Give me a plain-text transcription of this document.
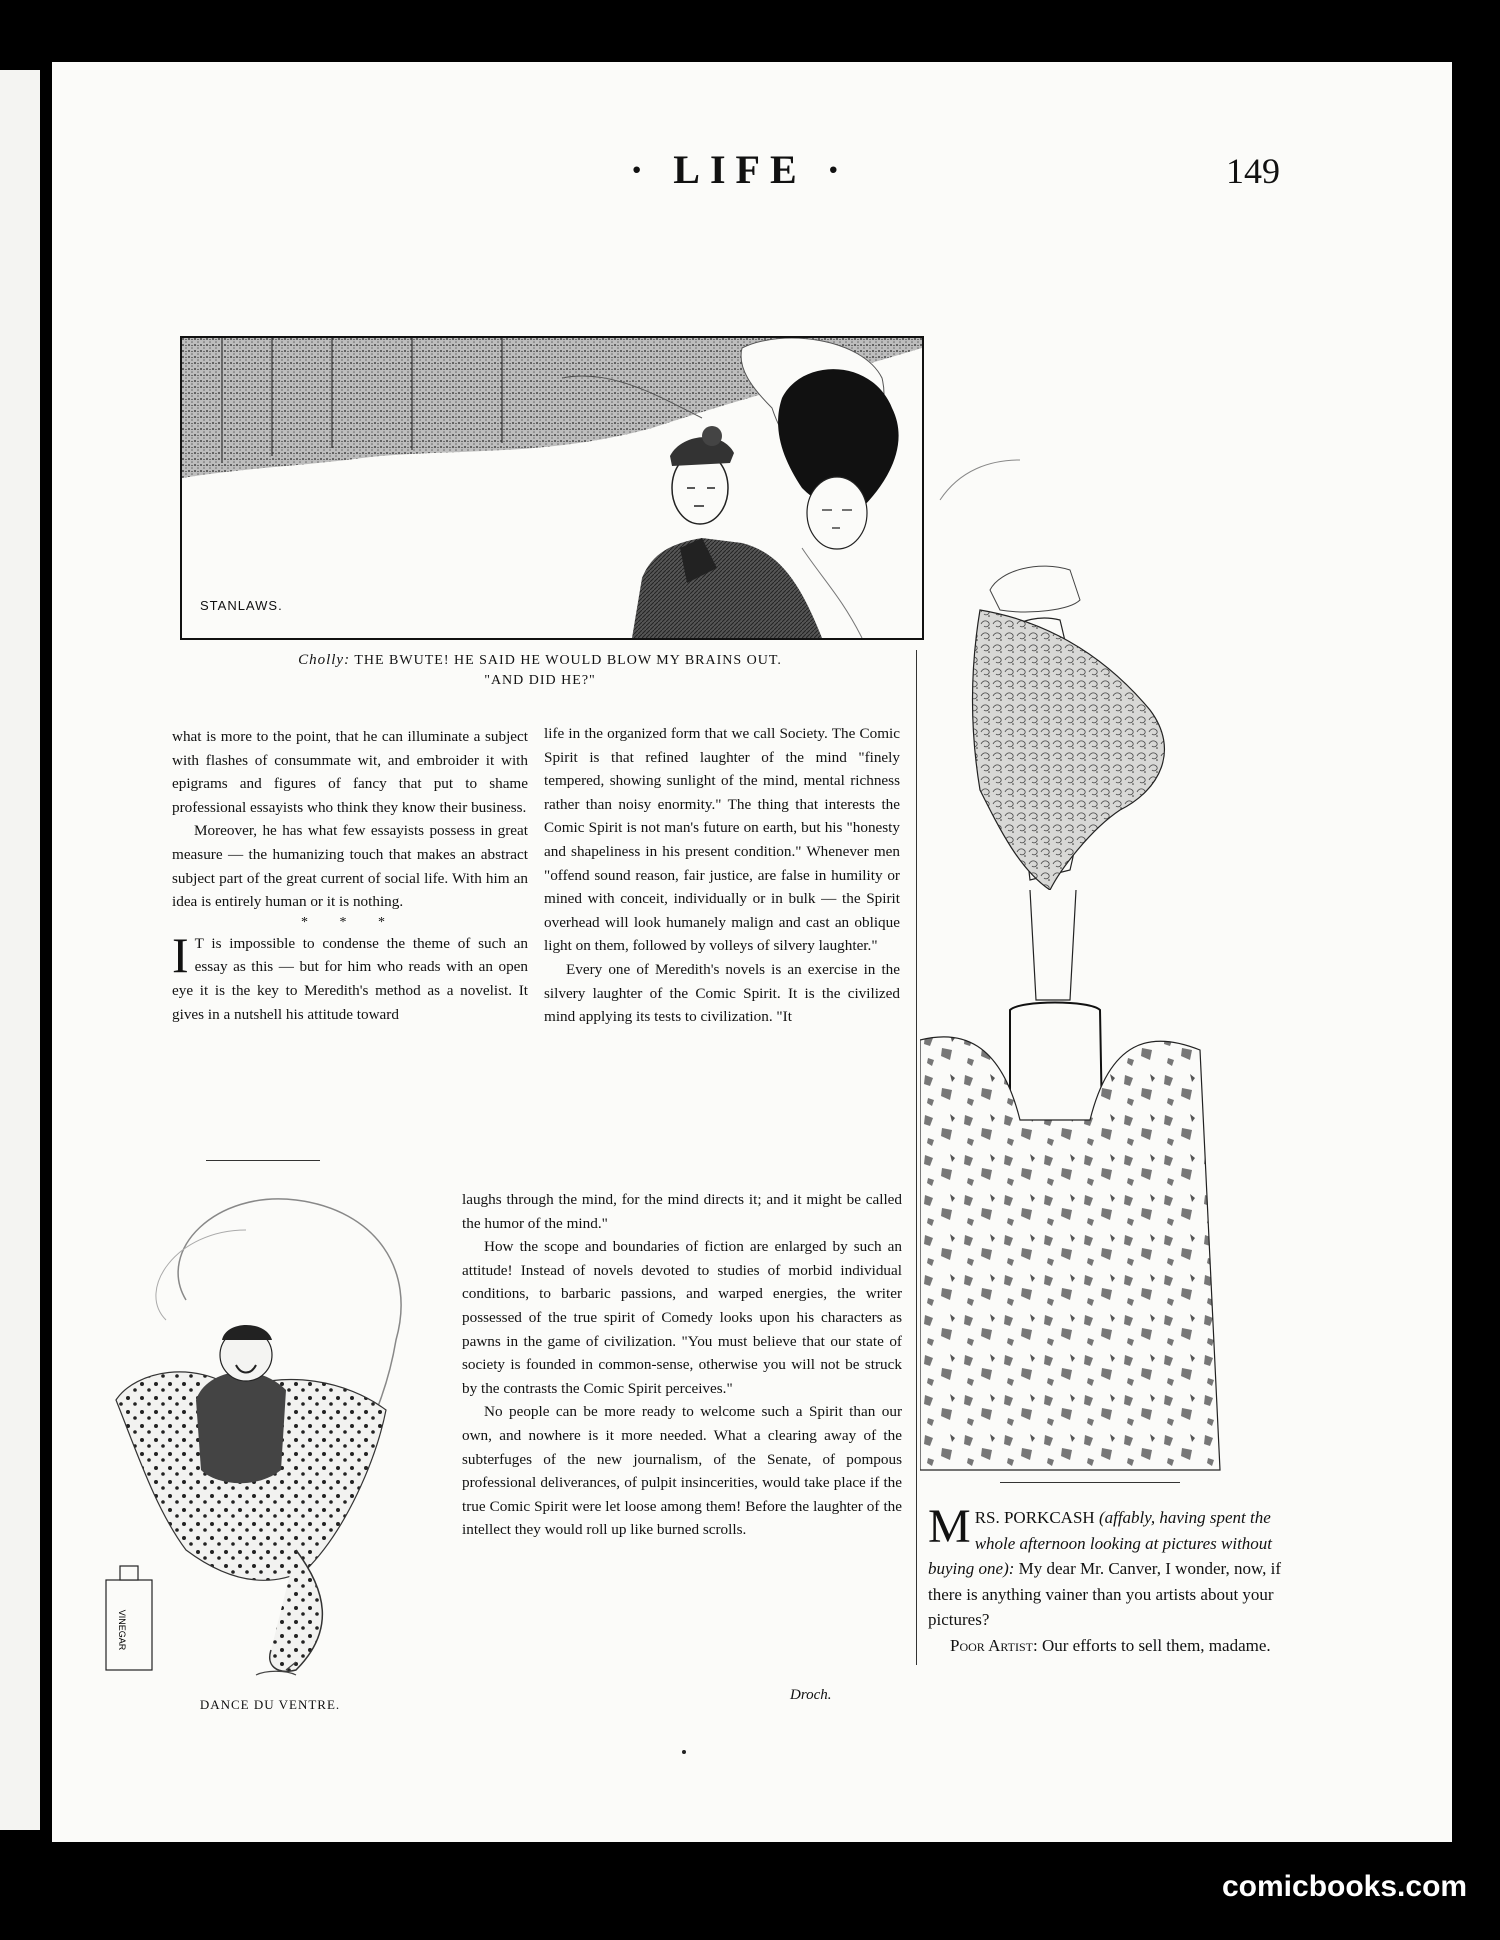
· LIFE ·	149
STANLAWS.
Cholly: THE BWUTE! HE SAID HE WOULD BLOW MY BRAINS OUT.
"AND DID HE?"

what is more to the point, that he can illuminate a subject with flashes of consummate wit, and embroider it with epigrams and figures of fancy that put to shame professional essayists who think they know their business.

Moreover, he has what few essayists possess in great measure — the humanizing touch that makes an abstract subject part of the great current of social life. With him an idea is entirely human or it is nothing.

* * *

I T is impossible to condense the theme of such an essay as this — but for him who reads with an open eye it is the key to Meredith's method as a novelist. It gives in a nutshell his attitude toward

life in the organized form that we call Society. The Comic Spirit is that refined laughter of the mind "finely tempered, showing sunlight of the mind, mental richness rather than noisy enormity." The thing that interests the Comic Spirit is not man's future on earth, but his "honesty and shapeliness in his present condition." Whenever men "offend sound reason, fair justice, are false in humility or mined with conceit, individually or in bulk — the Spirit overhead will look humanely malign and cast an oblique light on them, followed by volleys of silvery laughter."

Every one of Meredith's novels is an exercise in the silvery laughter of the Comic Spirit. It is the civilized mind applying its tests to civilization. "It

laughs through the mind, for the mind directs it; and it might be called the humor of the mind."

How the scope and boundaries of fiction are enlarged by such an attitude! Instead of novels devoted to studies of morbid individual conditions, to barbaric passions, and warped energies, the writer possessed of the true spirit of Comedy looks upon his characters as pawns in the game of civilization. "You must believe that our state of society is founded in common-sense, otherwise you will not be struck by the contrasts the Comic Spirit perceives."

No people can be more ready to welcome such a Spirit than our own, and nowhere is it more needed. What a clearing away of the subterfuges of the new journalism, of the Senate, of pompous professional deliverances, of pulpit insincerities, would take place if the true Comic Spirit were let loose among them! Before the laughter of the intellect they would roll up like burned scrolls.

Droch.
VINEGAR
DANCE DU VENTRE.

MRS. PORKCASH (affably, having spent the whole afternoon looking at pictures without buying one): My dear Mr. Canver, I wonder, now, if there is anything vainer than you artists about your pictures?

Poor Artist: Our efforts to sell them, madame.

comicbooks.com
